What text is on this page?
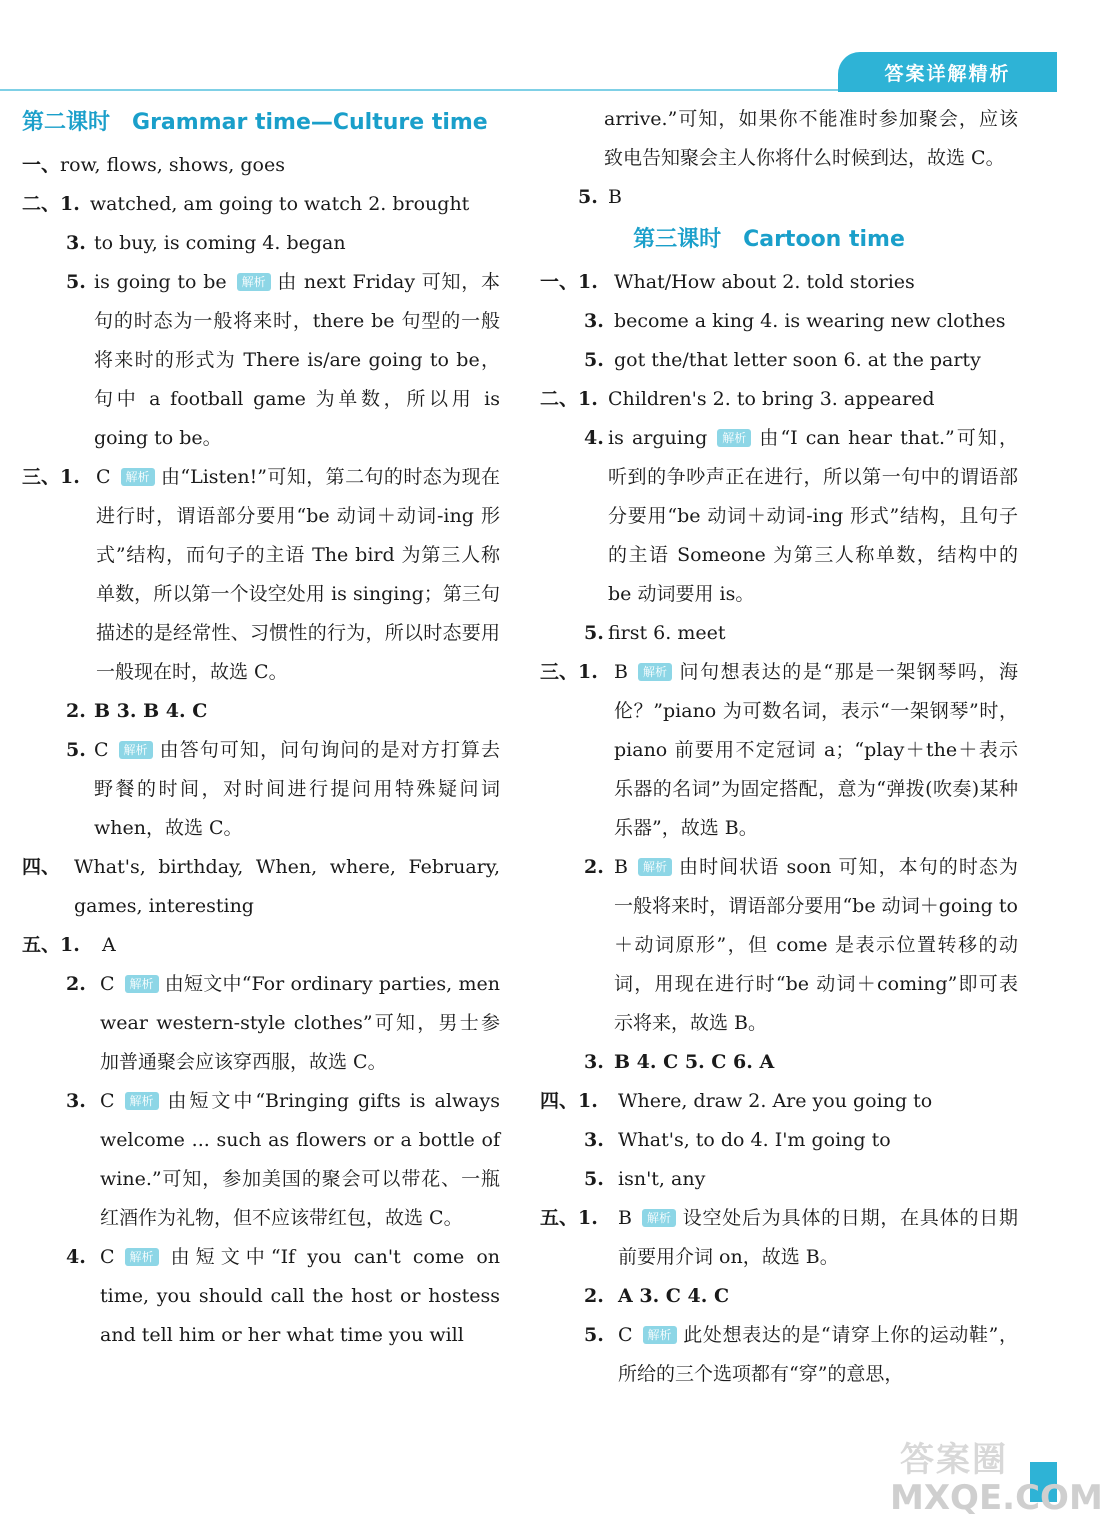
答案详解精析
第二课时 Grammar time—Culture time
一、 row, flows, shows, goes
二、1. watched, am going to watch 2. brought
3. to buy, is coming 4. began
5. is going to be 解析 由 next Friday 可知，本句的时态为一般将来时，there be 句型的一般将来时的形式为 There is/are going to be，句中 a football game 为单数，所以用 is going to be。
三、1. C 解析 由“Listen!”可知，第二句的时态为现在进行时，谓语部分要用“be 动词＋动词-ing 形式”结构，而句子的主语 The bird 为第三人称单数，所以第一个设空处用 is singing；第三句描述的是经常性、习惯性的行为，所以时态要用一般现在时，故选 C。
2. B 3. B 4. C
5. C 解析 由答句可知，问句询问的是对方打算去野餐的时间，对时间进行提问用特殊疑问词 when，故选 C。
四、 What's, birthday, When, where, February, games, interesting
五、1.	A
2. C 解析 由短文中“For ordinary parties, men wear western-style clothes”可知，男士参加普通聚会应该穿西服，故选 C。
3. C 解析 由短文中“Bringing gifts is always welcome ... such as flowers or a bottle of wine.”可知，参加美国的聚会可以带花、一瓶红酒作为礼物，但不应该带红包，故选 C。
4. C 解析 由短文中“If you can't come on time, you should call the host or hostess and tell him or her what time you will
arrive.”可知，如果你不能准时参加聚会，应该致电告知聚会主人你将什么时候到达，故选 C。
5. B
第三课时 Cartoon time
一、1. What/How about 2. told stories
3. become a king 4. is wearing new clothes
5. got the/that letter soon 6. at the party
二、1. Children's 2. to bring 3. appeared
4. is arguing 解析 由“I can hear that.”可知，听到的争吵声正在进行，所以第一句中的谓语部分要用“be 动词＋动词-ing 形式”结构，且句子的主语 Someone 为第三人称单数，结构中的 be 动词要用 is。
5. first 6. meet
三、1. B 解析 问句想表达的是“那是一架钢琴吗，海伦？”piano 为可数名词，表示“一架钢琴”时，piano 前要用不定冠词 a；“play＋the＋表示乐器的名词”为固定搭配，意为“弹拨(吹奏)某种乐器”，故选 B。
2. B 解析 由时间状语 soon 可知，本句的时态为一般将来时，谓语部分要用“be 动词＋going to＋动词原形”，但 come 是表示位置转移的动词，用现在进行时“be 动词＋coming”即可表示将来，故选 B。
3. B 4. C 5. C 6. A
四、1.	Where, draw 2. Are you going to
3. What's, to do 4. I'm going to
5. isn't, any
五、1.	B 解析 设空处后为具体的日期，在具体的日期前要用介词 on，故选 B。
2. A 3. C 4. C
5. C 解析 此处想表达的是“请穿上你的运动鞋”，所给的三个选项都有“穿”的意思，
答案圈
MXQE.COM
